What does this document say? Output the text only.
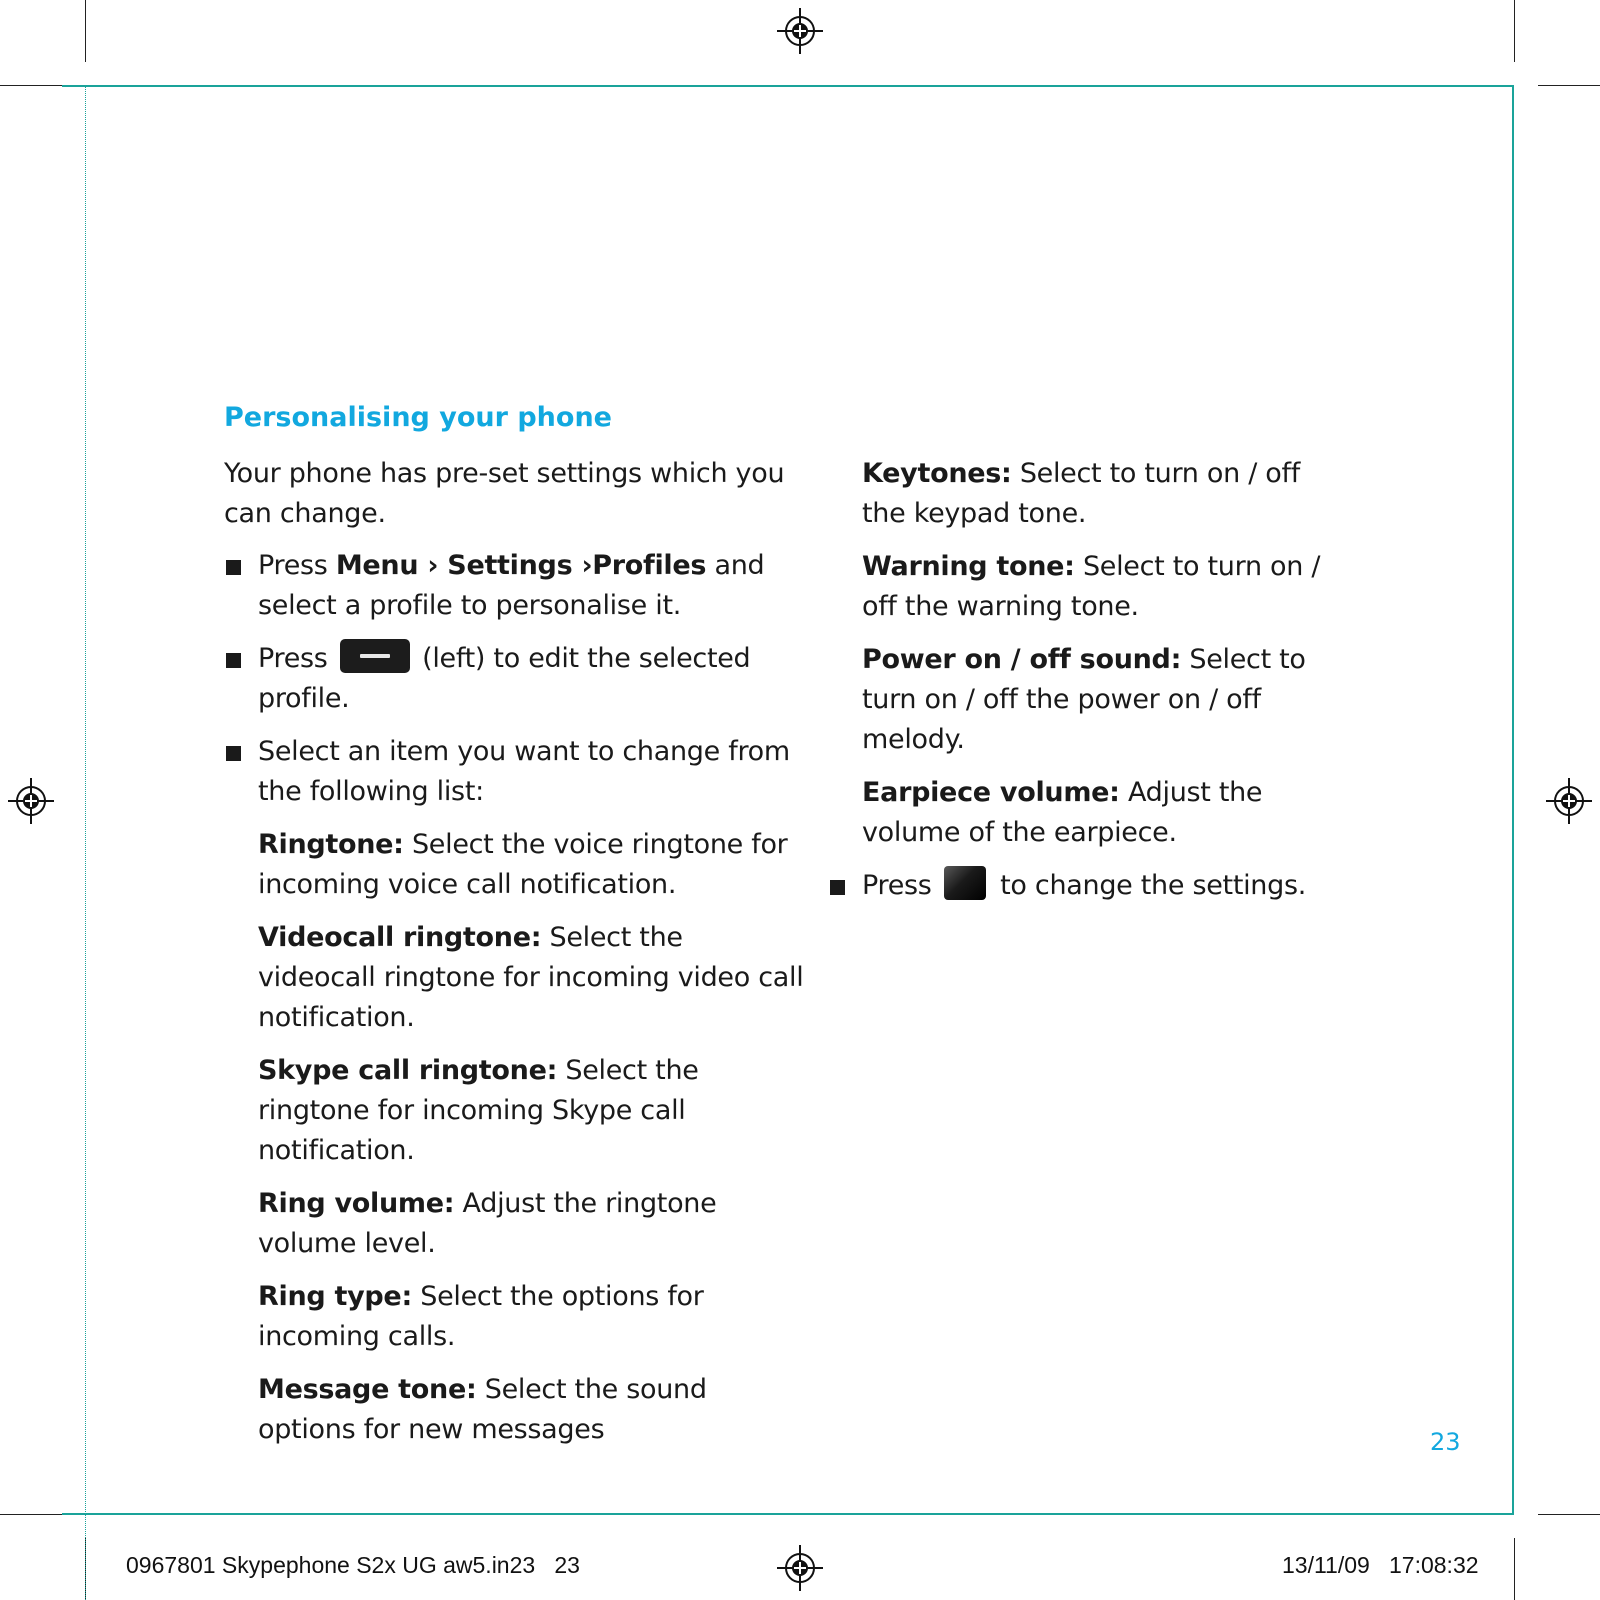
Personalising your phone

Your phone has pre-set settings which you can change.

Press Menu › Settings ›Profiles and select a profile to personalise it.

Press	(left) to edit the selected profile.

Select an item you want to change from the following list:

Ringtone: Select the voice ringtone for incoming voice call notification.

Videocall ringtone: Select the videocall ringtone for incoming video call notification.

Skype call ringtone: Select the ringtone for incoming Skype call notification.

Ring volume: Adjust the ringtone volume level.

Ring type: Select the options for incoming calls.

Message tone: Select the sound options for new messages

Keytones: Select to turn on / off the keypad tone.

Warning tone: Select to turn on / off the warning tone.

Power on / off sound: Select to turn on / off the power on / off melody.

Earpiece volume: Adjust the volume of the earpiece.

Press  to change the settings.

23
0967801 Skypephone S2x UG aw5.in23   23	13/11/09   17:08:32
